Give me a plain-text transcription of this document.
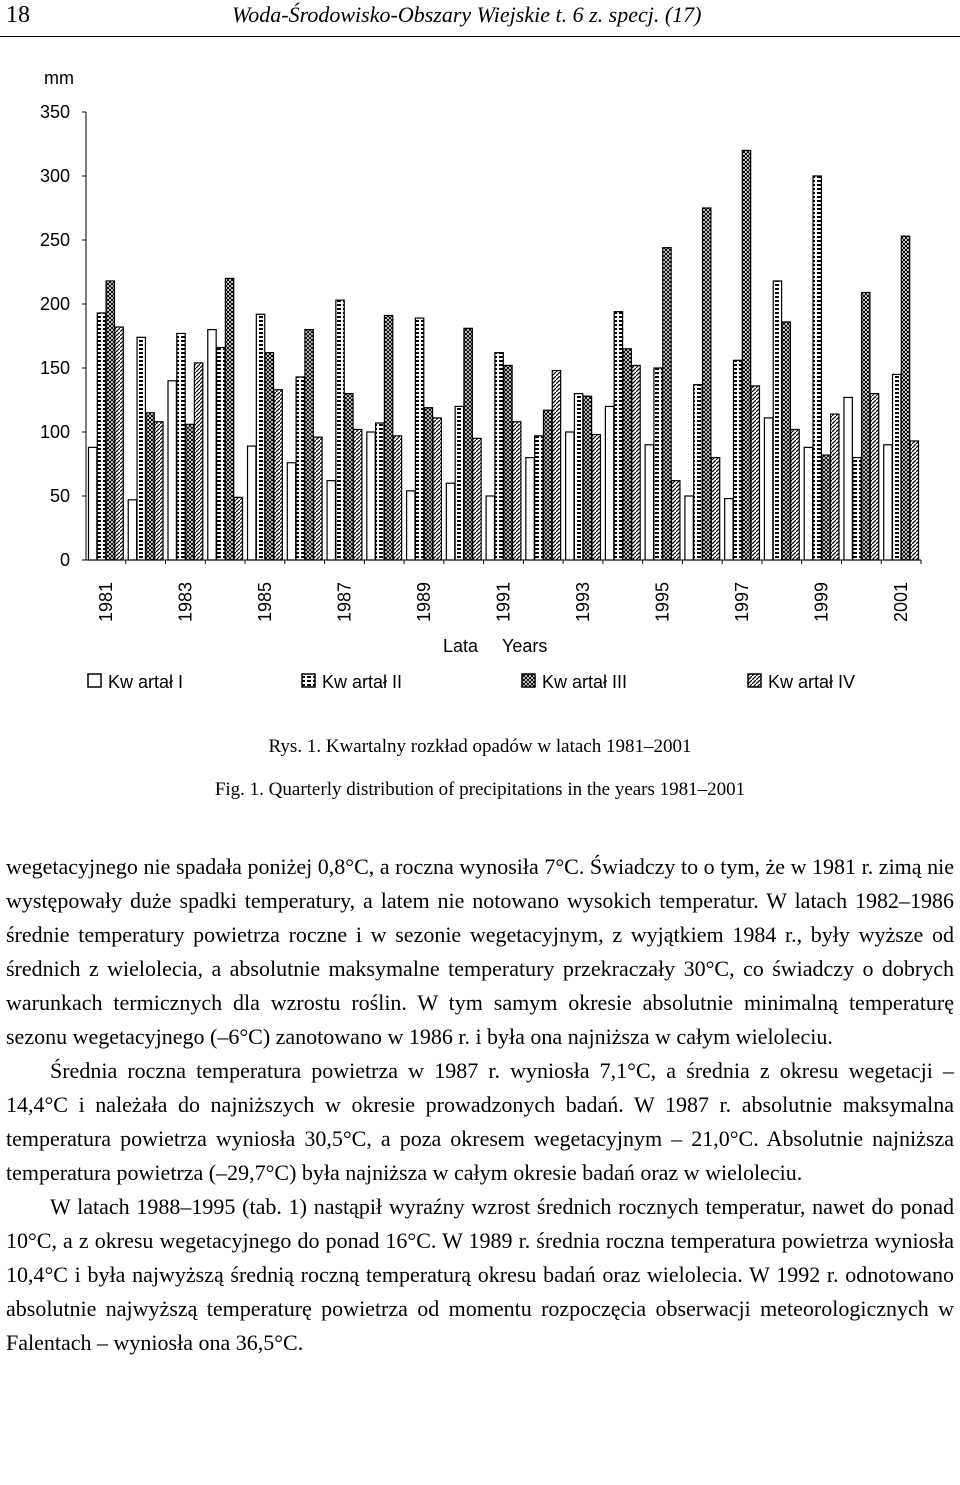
18	Woda-Środowisko-Obszary Wiejskie t. 6 z. specj. (17)
mm
0
50
100
150
200
250
300
350
1981	1983	1985	1987	1989	1991	1993	1995	1997	1999	2001
Lata Years
Kw artał I	Kw artał II	Kw artał III	Kw artał IV
Rys. 1. Kwartalny rozkład opadów w latach 1981–2001
Fig. 1. Quarterly distribution of precipitations in the years 1981–2001

wegetacyjnego nie spadała poniżej 0,8°C, a roczna wynosiła 7°C. Świadczy to o tym, że w 1981 r. zimą nie występowały duże spadki temperatury, a latem nie notowano wysokich temperatur. W latach 1982–1986 średnie temperatury powietrza roczne i w sezonie wegetacyjnym, z wyjątkiem 1984 r., były wyższe od średnich z wielolecia, a absolutnie maksymalne temperatury przekraczały 30°C, co świadczy o dobrych warunkach termicznych dla wzrostu roślin. W tym samym okresie absolutnie minimalną temperaturę sezonu wegetacyjnego (–6°C) zanotowano w 1986 r. i była ona najniższa w całym wieloleciu.

Średnia roczna temperatura powietrza w 1987 r. wyniosła 7,1°C, a średnia z okresu wegetacji – 14,4°C i należała do najniższych w okresie prowadzonych badań. W 1987 r. absolutnie maksymalna temperatura powietrza wyniosła 30,5°C, a poza okresem wegetacyjnym – 21,0°C. Absolutnie najniższa temperatura powietrza (–29,7°C) była najniższa w całym okresie badań oraz w wieloleciu.

W latach 1988–1995 (tab. 1) nastąpił wyraźny wzrost średnich rocznych temperatur, nawet do ponad 10°C, a z okresu wegetacyjnego do ponad 16°C. W 1989 r. średnia roczna temperatura powietrza wyniosła 10,4°C i była najwyższą średnią roczną temperaturą okresu badań oraz wielolecia. W 1992 r. odnotowano absolutnie najwyższą temperaturę powietrza od momentu rozpoczęcia obserwacji meteorologicznych w Falentach – wyniosła ona 36,5°C.
